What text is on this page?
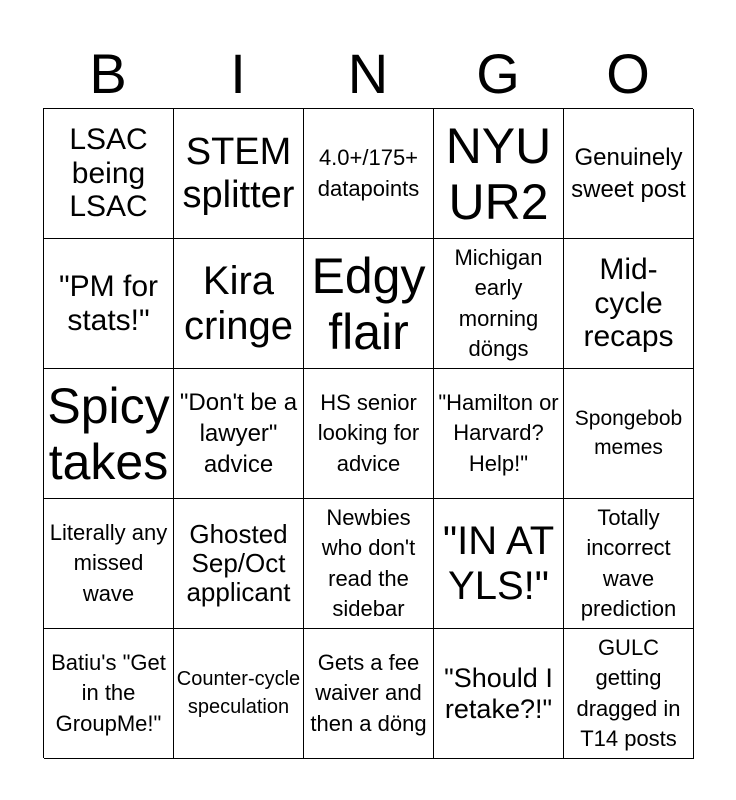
B	I	N	G	O
LSAC being LSAC
STEM splitter
4.0+/175+ datapoints
NYU UR2
Genuinely sweet post
"PM for stats!"
Kira cringe
Edgy flair
Michigan early morning döngs
Mid-cycle recaps
Spicy takes
"Don't be a lawyer" advice
HS senior looking for advice
"Hamilton or Harvard? Help!"
Spongebob memes
Literally any missed wave
Ghosted Sep/Oct applicant
Newbies who don't read the sidebar
"IN AT YLS!"
Totally incorrect wave prediction
Batiu's "Get in the GroupMe!"
Counter-cycle speculation
Gets a fee waiver and then a döng
"Should I retake?!"
GULC getting dragged in T14 posts
